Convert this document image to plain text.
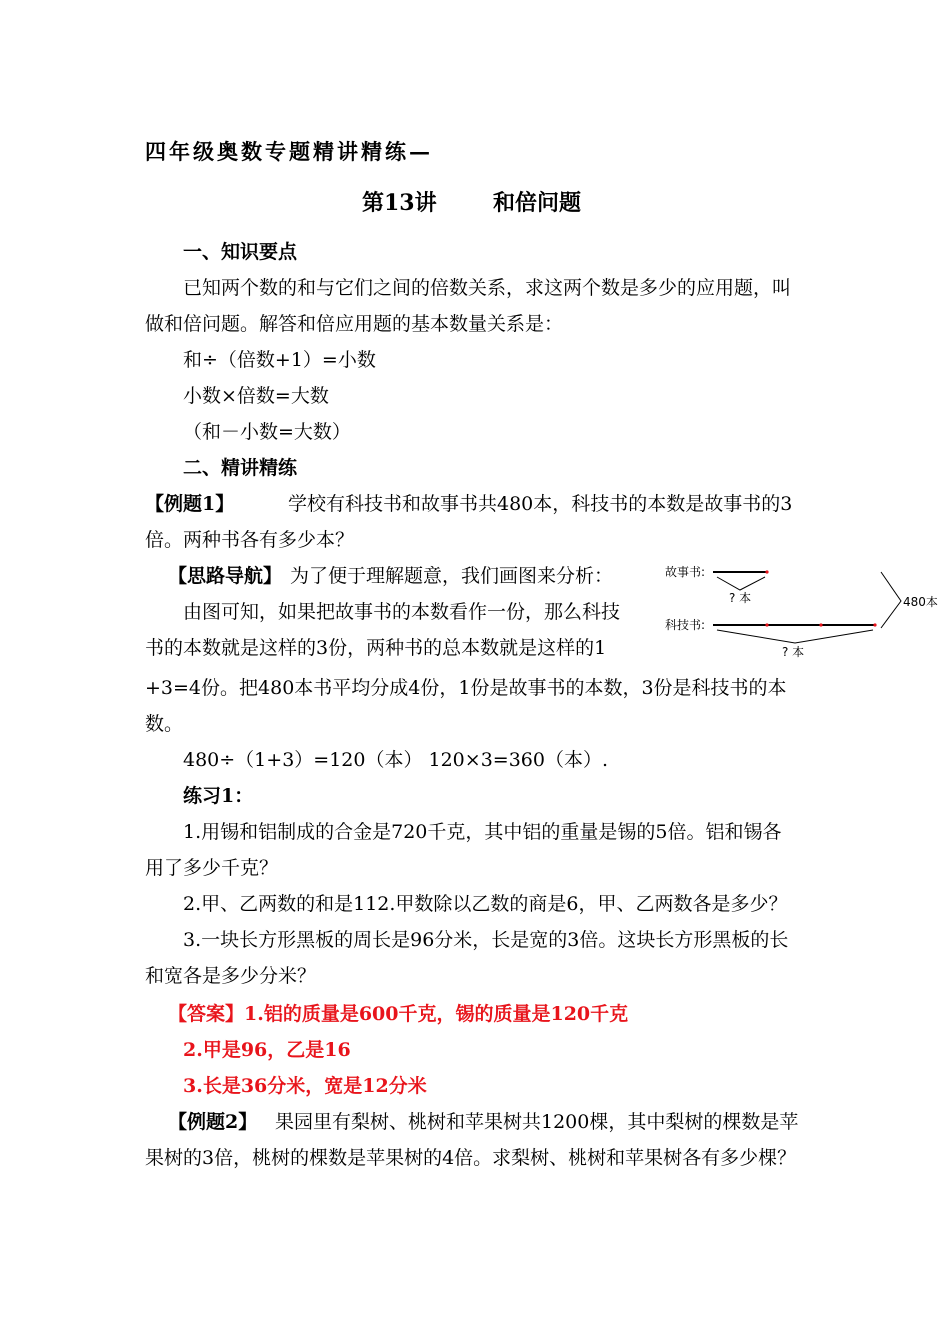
四年级奥数专题精讲精练—
第13讲	和倍问题
一、知识要点
已知两个数的和与它们之间的倍数关系，求这两个数是多少的应用题，叫
做和倍问题。解答和倍应用题的基本数量关系是：
和÷（倍数+1）=小数
小数×倍数=大数
（和－小数=大数）
二、精讲精练
【例题1】	学校有科技书和故事书共480本，科技书的本数是故事书的3
倍。两种书各有多少本？
【思路导航】 为了便于理解题意，我们画图来分析：
由图可知，如果把故事书的本数看作一份，那么科技
书的本数就是这样的3份，两种书的总本数就是这样的1
+3=4份。把480本书平均分成4份，1份是故事书的本数，3份是科技书的本
数。
480÷（1+3）=120（本） 120×3=360（本）.
故事书:
? 本
科技书:
? 本
480本
练习1：
1.用锡和铝制成的合金是720千克，其中铝的重量是锡的5倍。铝和锡各
用了多少千克？
2.甲、乙两数的和是112.甲数除以乙数的商是6，甲、乙两数各是多少？
3.一块长方形黑板的周长是96分米，长是宽的3倍。这块长方形黑板的长
和宽各是多少分米？
【答案】1.铝的质量是600千克，锡的质量是120千克
2.甲是96，乙是16
3.长是36分米，宽是12分米
【例题2】 果园里有梨树、桃树和苹果树共1200棵，其中梨树的棵数是苹
果树的3倍，桃树的棵数是苹果树的4倍。求梨树、桃树和苹果树各有多少棵？
